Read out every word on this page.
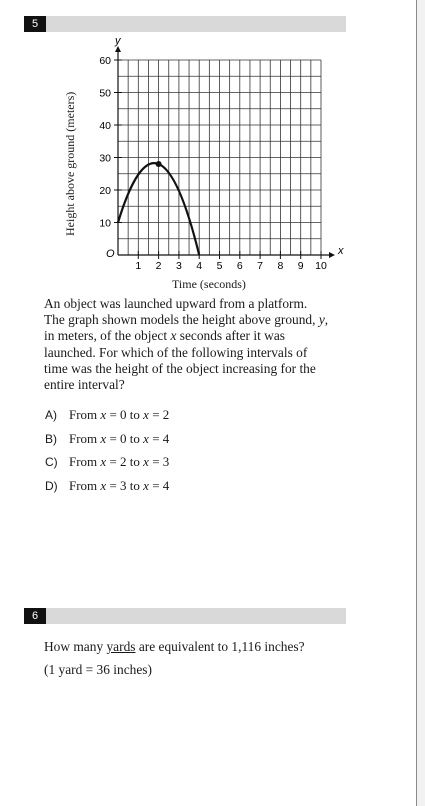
5
x
y
O
1 2 3 4 5 6 7 8 9 10
10
20
30
40
50
60
Height above ground (meters)
Time (seconds)
An object was launched upward from a platform.
The graph shown models the height above ground, y,
in meters, of the object x seconds after it was
launched. For which of the following intervals of
time was the height of the object increasing for the
entire interval?
A) From x = 0 to x = 2
B) From x = 0 to x = 4
C) From x = 2 to x = 3
D) From x = 3 to x = 4
6
How many yards are equivalent to 1,116 inches?
(1 yard = 36 inches)
